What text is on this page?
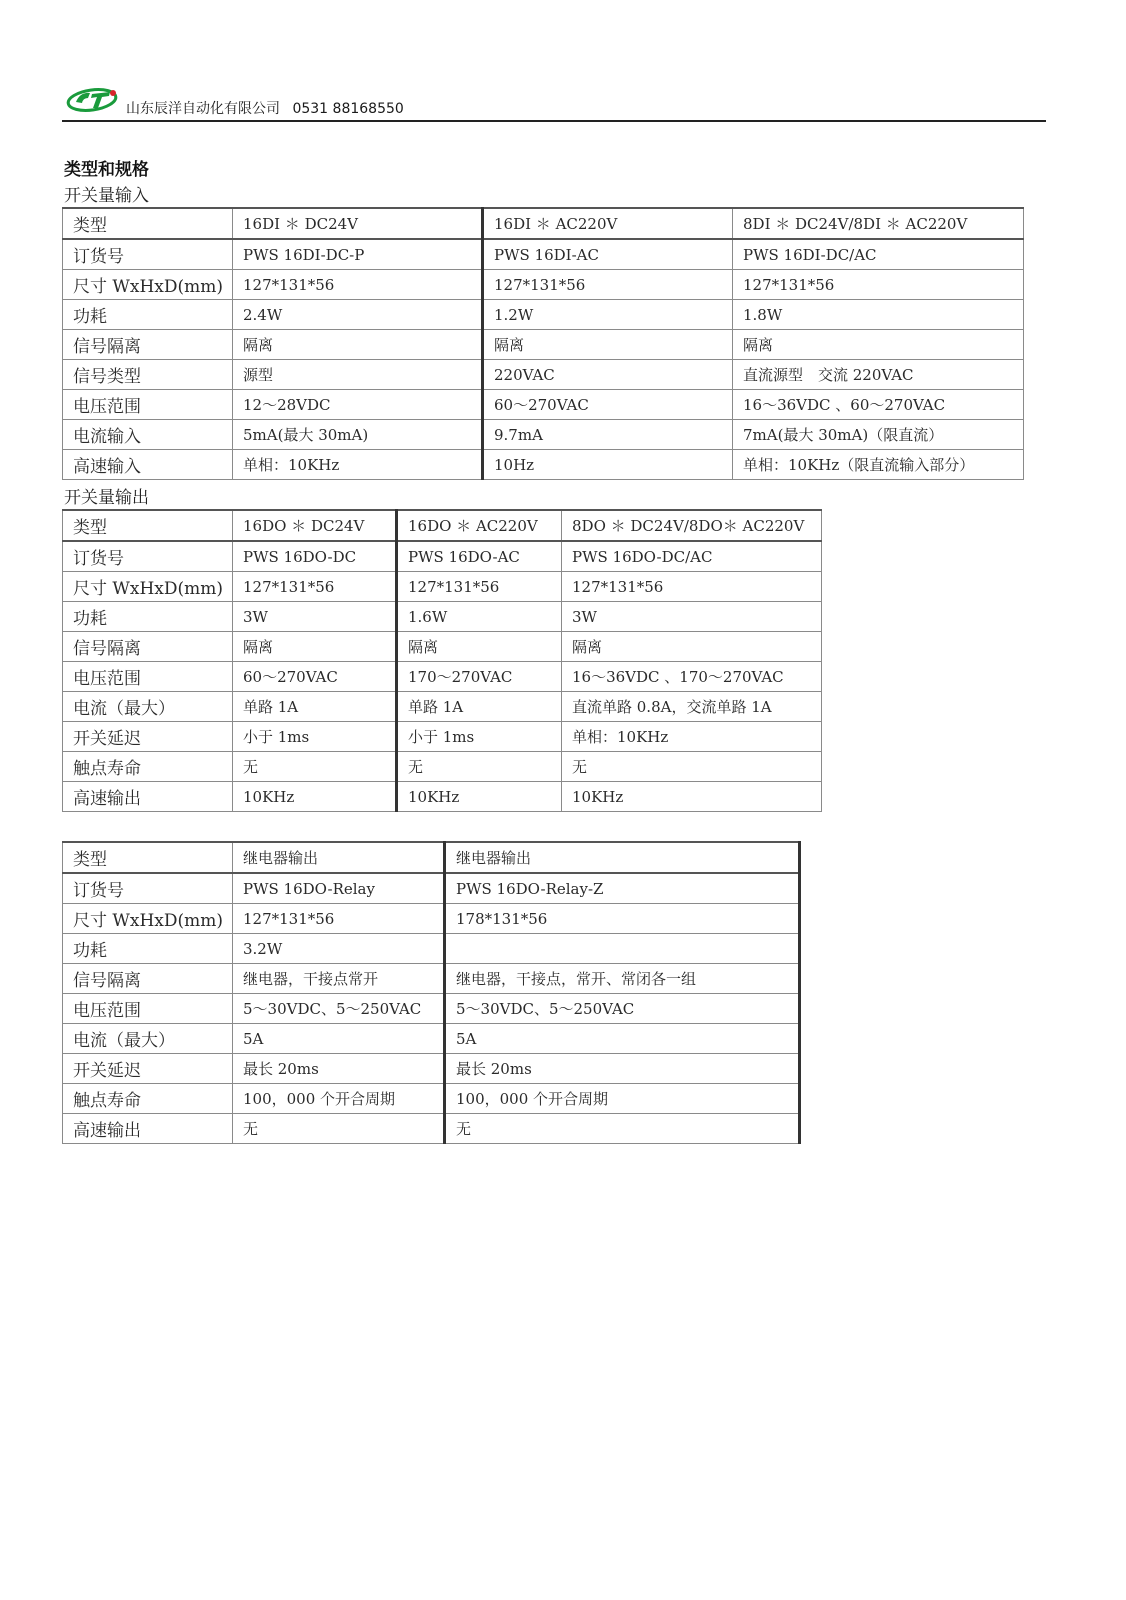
山东辰洋自动化有限公司 0531 88168550
类型和规格
开关量输入
类型	16DI ＊ DC24V	16DI ＊ AC220V	8DI ＊ DC24V/8DI ＊ AC220V
订货号	PWS 16DI-DC-P	PWS 16DI-AC	PWS 16DI-DC/AC
尺寸 WxHxD(mm)	127*131*56	127*131*56	127*131*56
功耗	2.4W	1.2W	1.8W
信号隔离	隔离	隔离	隔离
信号类型	源型	220VAC	直流源型　交流 220VAC
电压范围	12～28VDC	60～270VAC	16～36VDC 、60～270VAC
电流输入	5mA(最大 30mA)	9.7mA	7mA(最大 30mA)（限直流）
高速输入	单相：10KHz	10Hz	单相：10KHz（限直流输入部分）
开关量输出
类型	16DO ＊ DC24V	16DO ＊ AC220V	8DO ＊ DC24V/8DO＊ AC220V
订货号	PWS 16DO-DC	PWS 16DO-AC	PWS 16DO-DC/AC
尺寸 WxHxD(mm)	127*131*56	127*131*56	127*131*56
功耗	3W	1.6W	3W
信号隔离	隔离	隔离	隔离
电压范围	60～270VAC	170～270VAC	16～36VDC 、170～270VAC
电流（最大）	单路 1A	单路 1A	直流单路 0.8A，交流单路 1A
开关延迟	小于 1ms	小于 1ms	单相：10KHz
触点寿命	无	无	无
高速输出	10KHz	10KHz	10KHz
类型	继电器输出	继电器输出
订货号	PWS 16DO-Relay	PWS 16DO-Relay-Z
尺寸 WxHxD(mm)	127*131*56	178*131*56
功耗	3.2W	
信号隔离	继电器，干接点常开	继电器，干接点，常开、常闭各一组
电压范围	5～30VDC、5～250VAC	5～30VDC、5～250VAC
电流（最大）	5A	5A
开关延迟	最长 20ms	最长 20ms
触点寿命	100，000 个开合周期	100，000 个开合周期
高速输出	无	无
